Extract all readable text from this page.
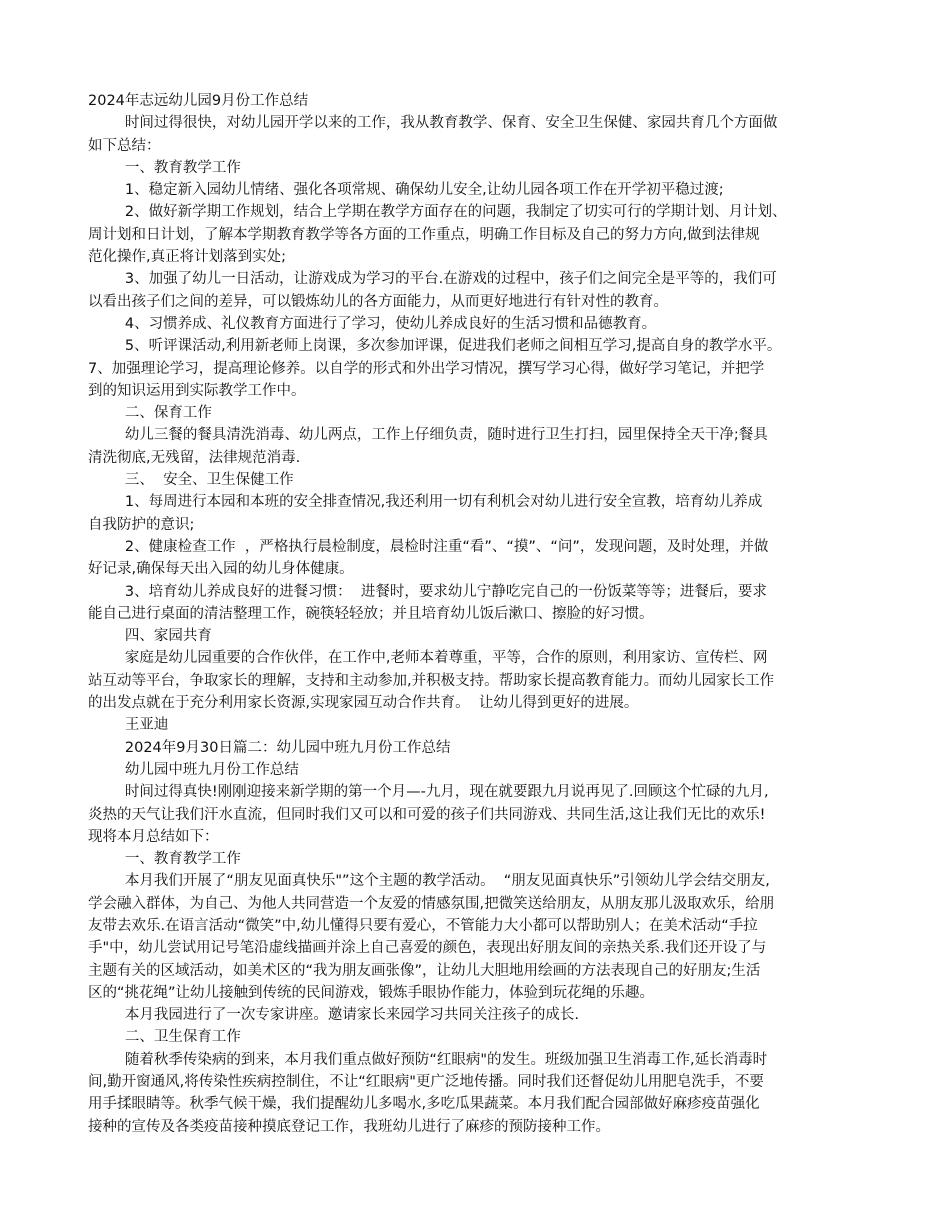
2024年志远幼儿园9月份工作总结
时间过得很快，对幼儿园开学以来的工作，我从教育教学、保育、安全卫生保健、家园共育几个方面做
如下总结：
一、教育教学工作
1、稳定新入园幼儿情绪、强化各项常规、确保幼儿安全,让幼儿园各项工作在开学初平稳过渡;
2、做好新学期工作规划，结合上学期在教学方面存在的问题，我制定了切实可行的学期计划、月计划、
周计划和日计划，了解本学期教育教学等各方面的工作重点，明确工作目标及自己的努力方向,做到法律规
范化操作,真正将计划落到实处;
3、加强了幼儿一日活动，让游戏成为学习的平台.在游戏的过程中，孩子们之间完全是平等的，我们可
以看出孩子们之间的差异，可以锻炼幼儿的各方面能力，从而更好地进行有针对性的教育。
4、习惯养成、礼仪教育方面进行了学习，使幼儿养成良好的生活习惯和品德教育。
5、听评课活动,利用新老师上岗课，多次参加评课，促进我们老师之间相互学习,提高自身的教学水平。
7、加强理论学习，提高理论修养。以自学的形式和外出学习情况，撰写学习心得，做好学习笔记，并把学
到的知识运用到实际教学工作中。
二、保育工作
幼儿三餐的餐具清洗消毒、幼儿两点，工作上仔细负责，随时进行卫生打扫，园里保持全天干净;餐具
清洗彻底,无残留，法律规范消毒.
三、  安全、卫生保健工作
1、每周进行本园和本班的安全排查情况,我还利用一切有利机会对幼儿进行安全宣教，培育幼儿养成
自我防护的意识;
2、健康检查工作  ，严格执行晨检制度，晨检时注重“看”、“摸”、“问”，发现问题，及时处理，并做
好记录,确保每天出入园的幼儿身体健康。
3、培育幼儿养成良好的进餐习惯：  进餐时，要求幼儿宁静吃完自己的一份饭菜等等；进餐后，要求
能自己进行桌面的清洁整理工作，碗筷轻轻放；并且培育幼儿饭后漱口、擦脸的好习惯。
四、家园共育
家庭是幼儿园重要的合作伙伴，在工作中,老师本着尊重，平等，合作的原则，利用家访、宣传栏、网
站互动等平台，争取家长的理解，支持和主动参加,并积极支持。帮助家长提高教育能力。而幼儿园家长工作
的出发点就在于充分利用家长资源,实现家园互动合作共育。  让幼儿得到更好的进展。
王亚迪
2024年9月30日篇二：幼儿园中班九月份工作总结
幼儿园中班九月份工作总结
时间过得真快!刚刚迎接来新学期的第一个月—-九月，现在就要跟九月说再见了.回顾这个忙碌的九月,
炎热的天气让我们汗水直流，但同时我们又可以和可爱的孩子们共同游戏、共同生活,这让我们无比的欢乐!
现将本月总结如下：
一、教育教学工作
本月我们开展了“朋友见面真快乐"”这个主题的教学活动。  “朋友见面真快乐”引领幼儿学会结交朋友,
学会融入群体，为自己、为他人共同营造一个友爱的情感氛围,把微笑送给朋友，从朋友那儿汲取欢乐，给朋
友带去欢乐.在语言活动“微笑”中,幼儿懂得只要有爱心，不管能力大小都可以帮助别人；在美术活动“手拉
手"中，幼儿尝试用记号笔沿虚线描画并涂上自己喜爱的颜色，表现出好朋友间的亲热关系.我们还开设了与
主题有关的区域活动，如美术区的“我为朋友画张像”，让幼儿大胆地用绘画的方法表现自己的好朋友;生活
区的“挑花绳”让幼儿接触到传统的民间游戏，锻炼手眼协作能力，体验到玩花绳的乐趣。
本月我园进行了一次专家讲座。邀请家长来园学习共同关注孩子的成长.
二、卫生保育工作
随着秋季传染病的到来，本月我们重点做好预防“红眼病"的发生。班级加强卫生消毒工作,延长消毒时
间,勤开窗通风,将传染性疾病控制住，不让“红眼病"更广泛地传播。同时我们还督促幼儿用肥皂洗手，不要
用手揉眼睛等。秋季气候干燥，我们提醒幼儿多喝水,多吃瓜果蔬菜。本月我们配合园部做好麻疹疫苗强化
接种的宣传及各类疫苗接种摸底登记工作，我班幼儿进行了麻疹的预防接种工作。
